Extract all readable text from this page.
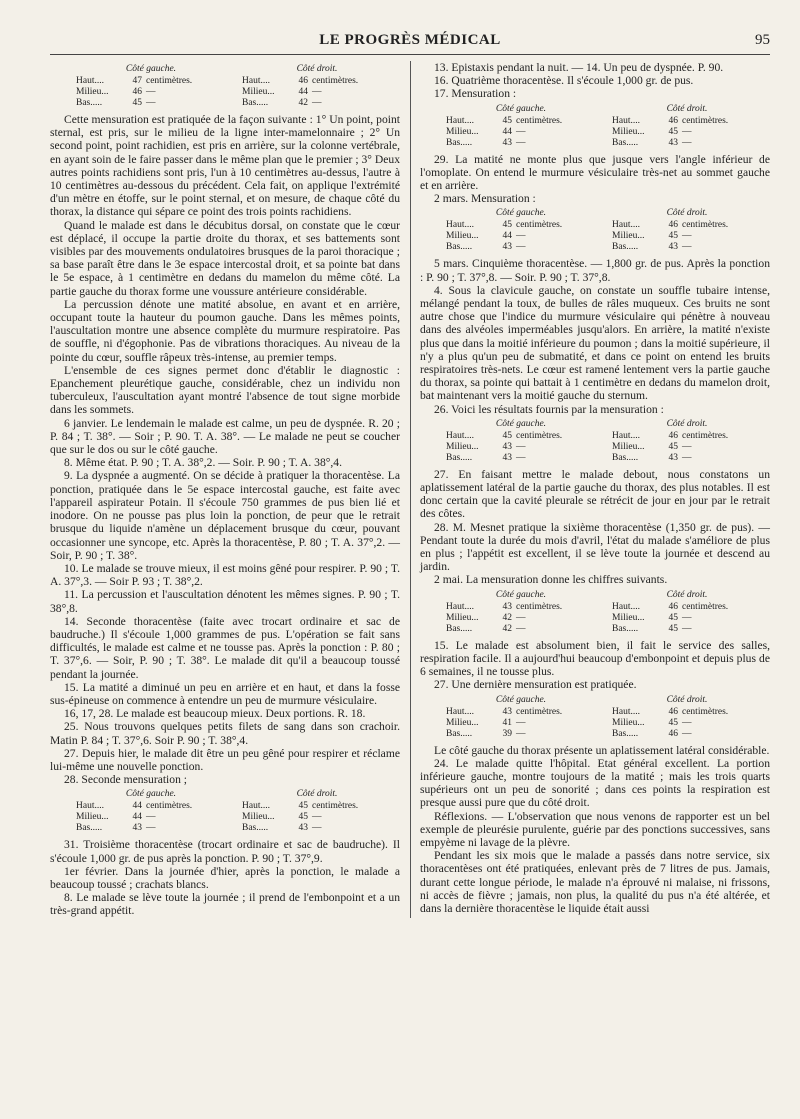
LE PROGRÈS MÉDICAL	95
Côté gauche.
Haut....	47 centimètres.
Milieu...	46 —
Bas.....	45 —
Côté droit.
Haut....	46 centimètres.
Milieu...	44 —
Bas.....	42 —

Cette mensuration est pratiquée de la façon suivante : 1° Un point, point sternal, est pris, sur le milieu de la ligne inter-mamelonnaire ; 2° Un second point, point rachidien, est pris en arrière, sur la colonne vertébrale, en ayant soin de le faire passer dans le même plan que le premier ; 3° Deux autres points rachidiens sont pris, l'un à 10 centimètres au-dessus, l'autre à 10 centimètres au-dessous du précédent. Cela fait, on applique l'extrémité d'un mètre en étoffe, sur le point sternal, et on mesure, de chaque côté du thorax, la distance qui sépare ce point des trois points rachidiens.

Quand le malade est dans le décubitus dorsal, on constate que le cœur est déplacé, il occupe la partie droite du thorax, et ses battements sont visibles par des mouvements ondulatoires brusques de la paroi thoracique ; sa base paraît être dans le 3e espace intercostal droit, et sa pointe bat dans le 5e espace, à 1 centimètre en dedans du mamelon du même côté. La partie gauche du thorax forme une voussure antérieure considérable.

La percussion dénote une matité absolue, en avant et en arrière, occupant toute la hauteur du poumon gauche. Dans les mêmes points, l'auscultation montre une absence complète du murmure respiratoire. Pas de souffle, ni d'égophonie. Pas de vibrations thoraciques. Au niveau de la pointe du cœur, souffle râpeux très-intense, au premier temps.

L'ensemble de ces signes permet donc d'établir le diagnostic : Epanchement pleurétique gauche, considérable, chez un individu non tuberculeux, l'auscultation ayant montré l'absence de tout signe morbide dans les sommets.

6 janvier. Le lendemain le malade est calme, un peu de dyspnée. R. 20 ; P. 84 ; T. 38°. — Soir ; P. 90. T. A. 38°. — Le malade ne peut se coucher que sur le dos ou sur le côté gauche.

8. Même état. P. 90 ; T. A. 38°,2. — Soir. P. 90 ; T. A. 38°,4.

9. La dyspnée a augmenté. On se décide à pratiquer la thoracentèse. La ponction, pratiquée dans le 5e espace intercostal gauche, est faite avec l'appareil aspirateur Potain. Il s'écoule 750 grammes de pus bien lié et inodore. On ne pousse pas plus loin la ponction, de peur que le retrait brusque du liquide n'amène un déplacement brusque du cœur, pouvant occasionner une syncope, etc. Après la thoracentèse, P. 80 ; T. A. 37°,2. — Soir, P. 90 ; T. 38°.

10. Le malade se trouve mieux, il est moins gêné pour respirer. P. 90 ; T. A. 37°,3. — Soir P. 93 ; T. 38°,2.

11. La percussion et l'auscultation dénotent les mêmes signes. P. 90 ; T. 38°,8.

14. Seconde thoracentèse (faite avec trocart ordinaire et sac de baudruche.) Il s'écoule 1,000 grammes de pus. L'opération se fait sans difficultés, le malade est calme et ne tousse pas. Après la ponction : P. 80 ; T. 37°,6. — Soir, P. 90 ; T. 38°. Le malade dit qu'il a beaucoup toussé pendant la journée.

15. La matité a diminué un peu en arrière et en haut, et dans la fosse sus-épineuse on commence à entendre un peu de murmure vésiculaire.

16, 17, 28. Le malade est beaucoup mieux. Deux portions. R. 18.

25. Nous trouvons quelques petits filets de sang dans son crachoir. Matin P. 84 ; T. 37°,6. Soir P. 90 ; T. 38°,4.

27. Depuis hier, le malade dit être un peu gêné pour respirer et réclame lui-même une nouvelle ponction.

28. Seconde mensuration ;

Côté gauche.
Haut....	44 centimètres.
Milieu...	44 —
Bas.....	43 —
Côté droit.
Haut....	45 centimètres.
Milieu...	45 —
Bas.....	43 —

31. Troisième thoracentèse (trocart ordinaire et sac de baudruche). Il s'écoule 1,000 gr. de pus après la ponction. P. 90 ; T. 37°,9.

1er février. Dans la journée d'hier, après la ponction, le malade a beaucoup toussé ; crachats blancs.

8. Le malade se lève toute la journée ; il prend de l'embonpoint et a un très-grand appétit.

13. Epistaxis pendant la nuit. — 14. Un peu de dyspnée. P. 90.

16. Quatrième thoracentèse. Il s'écoule 1,000 gr. de pus.

17. Mensuration :

Côté gauche.
Haut....	45 centimètres.
Milieu...	44 —
Bas.....	43 —
Côté droit.
Haut....	46 centimètres.
Milieu...	45 —
Bas.....	43 —

29. La matité ne monte plus que jusque vers l'angle inférieur de l'omoplate. On entend le murmure vésiculaire très-net au sommet gauche et en arrière.

2 mars. Mensuration :

Côté gauche.
Haut....	45 centimètres.
Milieu...	44 —
Bas.....	43 —
Côté droit.
Haut....	46 centimètres.
Milieu...	45 —
Bas.....	43 —

5 mars. Cinquième thoracentèse. — 1,800 gr. de pus. Après la ponction : P. 90 ; T. 37°,8. — Soir. P. 90 ; T. 37°,8.

4. Sous la clavicule gauche, on constate un souffle tubaire intense, mélangé pendant la toux, de bulles de râles muqueux. Ces bruits ne sont autre chose que l'indice du murmure vésiculaire qui pénètre à nouveau dans des alvéoles imperméables jusqu'alors. En arrière, la matité n'existe plus que dans la moitié inférieure du poumon ; dans la moitié supérieure, il n'y a plus qu'un peu de submatité, et dans ce point on entend les bruits respiratoires très-nets. Le cœur est ramené lentement vers la partie gauche du thorax, sa pointe qui battait à 1 centimètre en dedans du mamelon droit, bat maintenant vers la moitié gauche du sternum.

26. Voici les résultats fournis par la mensuration :

Côté gauche.
Haut....	45 centimètres.
Milieu...	43 —
Bas.....	43 —
Côté droit.
Haut....	46 centimètres.
Milieu...	45 —
Bas.....	43 —

27. En faisant mettre le malade debout, nous constatons un aplatissement latéral de la partie gauche du thorax, des plus notables. Il est donc certain que la cavité pleurale se rétrécit de jour en jour par le retrait des côtes.

28. M. Mesnet pratique la sixième thoracentèse (1,350 gr. de pus). — Pendant toute la durée du mois d'avril, l'état du malade s'améliore de plus en plus ; l'appétit est excellent, il se lève toute la journée et descend au jardin.

2 mai. La mensuration donne les chiffres suivants.

Côté gauche.
Haut....	43 centimètres.
Milieu...	42 —
Bas.....	42 —
Côté droit.
Haut....	46 centimètres.
Milieu...	45 —
Bas.....	45 —

15. Le malade est absolument bien, il fait le service des salles, respiration facile. Il a aujourd'hui beaucoup d'embonpoint et depuis plus de 6 semaines, il ne tousse plus.

27. Une dernière mensuration est pratiquée.

Côté gauche.
Haut....	43 centimètres.
Milieu...	41 —
Bas.....	39 —
Côté droit.
Haut....	46 centimètres.
Milieu...	45 —
Bas.....	46 —

Le côté gauche du thorax présente un aplatissement latéral considérable.

24. Le malade quitte l'hôpital. Etat général excellent. La portion inférieure gauche, montre toujours de la matité ; mais les trois quarts supérieurs ont un peu de sonorité ; dans ces points la respiration est presque aussi pure que du côté droit.

Réflexions. — L'observation que nous venons de rapporter est un bel exemple de pleurésie purulente, guérie par des ponctions successives, sans empyème ni lavage de la plèvre.

Pendant les six mois que le malade a passés dans notre service, six thoracentèses ont été pratiquées, enlevant près de 7 litres de pus. Jamais, durant cette longue période, le malade n'a éprouvé ni malaise, ni frissons, ni accès de fièvre ; jamais, non plus, la qualité du pus n'a été altérée, et dans la dernière thoracentèse le liquide était aussi
